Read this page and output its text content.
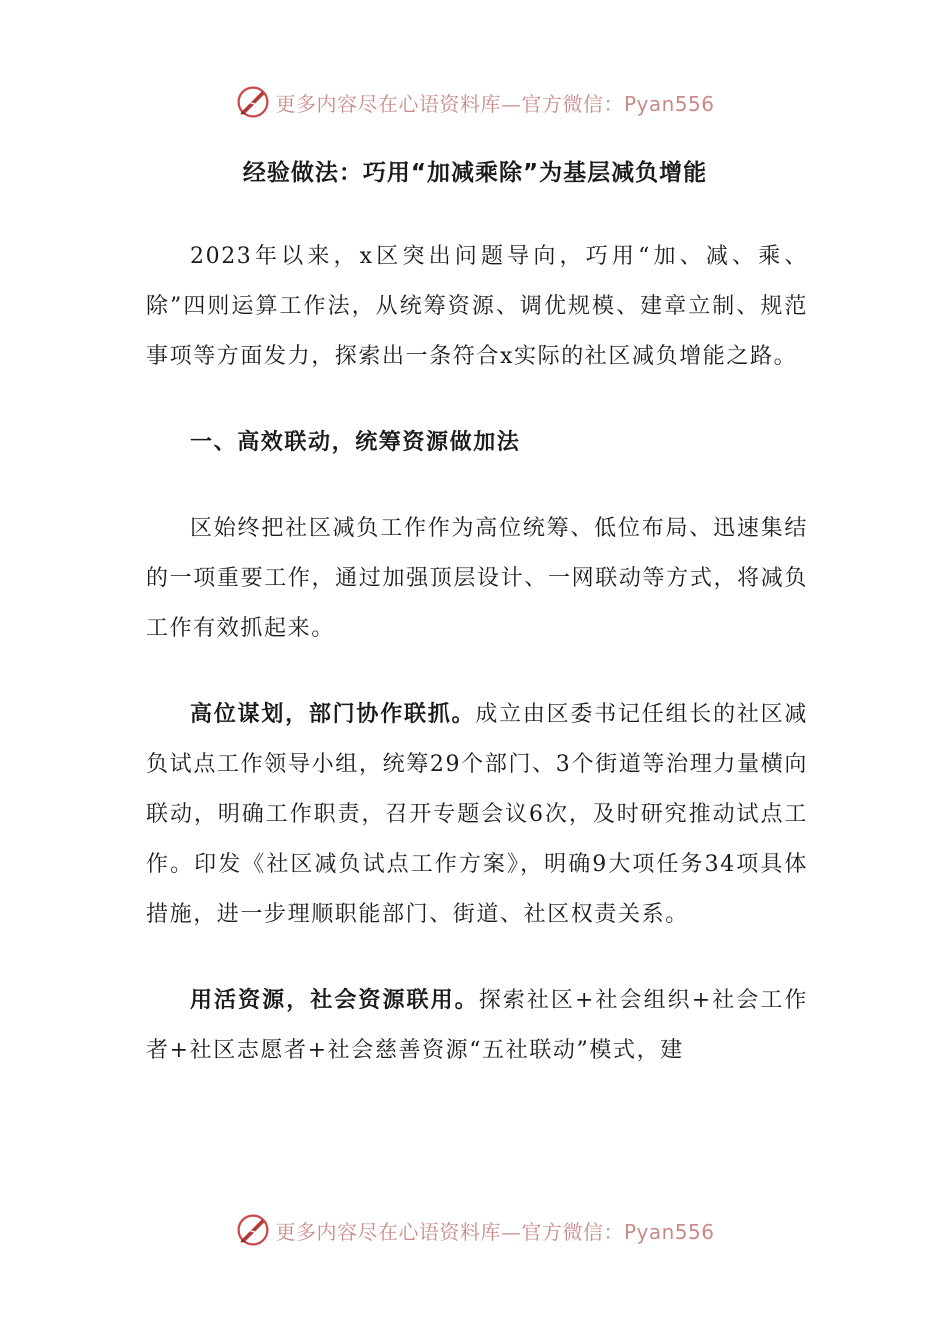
更多内容尽在心语资料库—官方微信：Pyan556
经验做法：巧用“加减乘除”为基层减负增能

2023年以来，x区突出问题导向，巧用“加、减、乘、除”四则运算工作法，从统筹资源、调优规模、建章立制、规范事项等方面发力，探索出一条符合x实际的社区减负增能之路。

一、高效联动，统筹资源做加法

区始终把社区减负工作作为高位统筹、低位布局、迅速集结的一项重要工作，通过加强顶层设计、一网联动等方式，将减负工作有效抓起来。

高位谋划，部门协作联抓。成立由区委书记任组长的社区减负试点工作领导小组，统筹29个部门、3个街道等治理力量横向联动，明确工作职责，召开专题会议6次，及时研究推动试点工作。印发《社区减负试点工作方案》，明确9大项任务34项具体措施，进一步理顺职能部门、街道、社区权责关系。

用活资源，社会资源联用。探索社区+社会组织+社会工作者+社区志愿者+社会慈善资源“五社联动”模式，建

更多内容尽在心语资料库—官方微信：Pyan556
